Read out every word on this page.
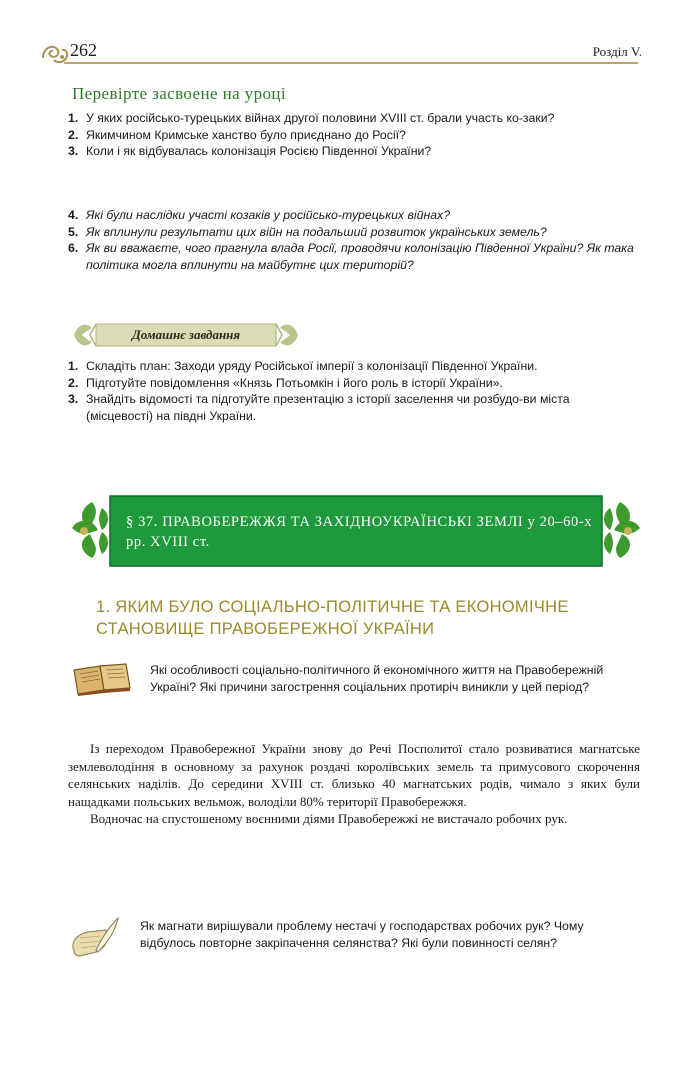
262	Розділ V.
Перевірте засвоене на уроці
1. У яких російсько-турецьких війнах другої половини XVIII ст. брали участь ко-заки?
2. Якимчином Кримське ханство було приєднано до Росії?
3. Коли і як відбувалась колонізація Росією Південної України?
4. Які були наслідки участі козаків у російсько-турецьких війнах?
5. Як вплинули результати цих війн на подальший розвиток українських земель?
6. Як ви вважаєте, чого прагнула влада Росії, проводячи колонізацію Південної України? Як така політика могла вплинути на майбутнє цих територій?
Домашнє завдання
1. Складіть план: Заходи уряду Російської імперії з колонізації Південної України.
2. Підготуйте повідомлення «Князь Потьомкін і його роль в історії України».
3. Знайдіть відомості та підготуйте презентацію з історії заселення чи розбудо-ви міста (місцевості) на півдні України.
§ 37. ПРАВОБЕРЕЖЖЯ ТА ЗАХІДНОУКРАЇНСЬКІ ЗЕМЛІ у 20–60-х рр. XVIII ст.
1. ЯКИМ БУЛО СОЦІАЛЬНО-ПОЛІТИЧНЕ ТА ЕКОНОМІЧНЕ СТАНОВИЩЕ ПРАВОБЕРЕЖНОЇ УКРАЇНИ
Які особливості соціально-політичного й економічного життя на Правобережній Україні? Які причини загострення соціальних протиріч виникли у цей період?

Із переходом Правобережної України знову до Речі Посполитої стало розвиватися магнатське землеволодіння в основному за рахунок роздачі королівських земель та примусового скорочення селянських наділів. До середини XVIII ст. близько 40 магнатських родів, чимало з яких були нащадками польських вельмож, володіли 80% території Правобережжя.

Водночас на спустошеному воєнними діями Правобережжі не вистачало робочих рук.

Як магнати вирішували проблему нестачі у господарствах робочих рук? Чому відбулось повторне закріпачення селянства? Які були повинності селян?
